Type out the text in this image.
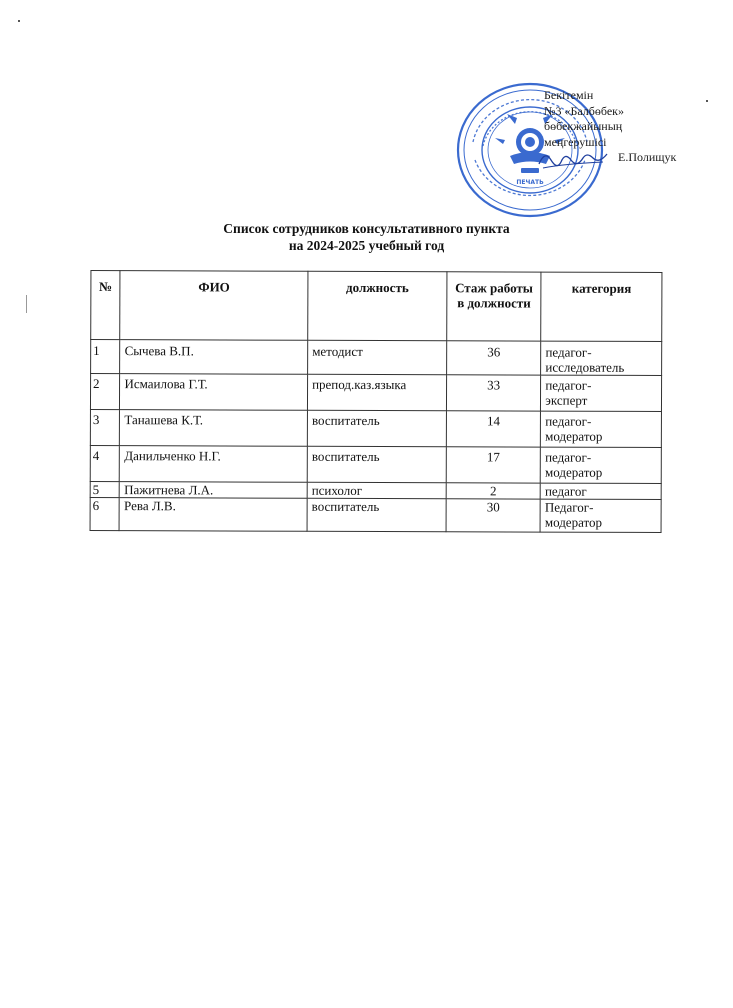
ПЕЧАТЬ
Бекітемін
№3 «Балбөбек»
бөбекжайының
меңгерушісі
Е.Полищук
Список сотрудников консультативного пункта
на 2024-2025 учебный год
№	ФИО	должность	Стаж работы в должности	категория
1	Сычева В.П.	методист	36	педагог-
исследователь
2	Исмаилова Г.Т.	препод.каз.языка	33	педагог-
эксперт
3	Танашева К.Т.	воспитатель	14	педагог-
модератор
4	Данильченко Н.Г.	воспитатель	17	педагог-
модератор
5	Пажитнева Л.А.	психолог	2	педагог
6	Рева Л.В.	воспитатель	30	Педагог-
модератор
